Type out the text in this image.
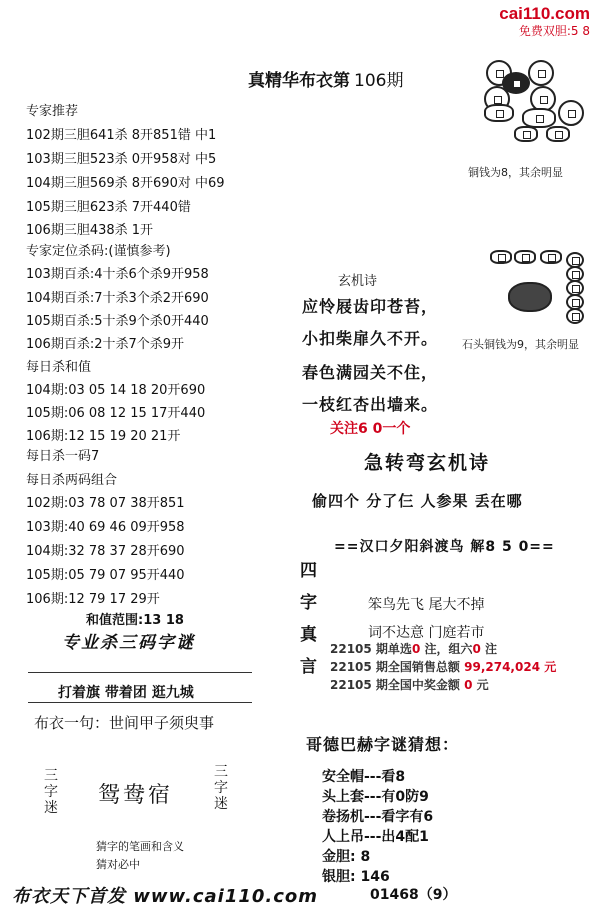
cai110.com
免费双胆:5 8
真精华布衣第 106期
专家推荐
102期三胆641杀 8开851错 中1
103期三胆523杀 0开958对 中5
104期三胆569杀 8开690对 中69
105期三胆623杀 7开440错
106期三胆438杀 1开
专家定位杀码:(谨慎参考)
103期百杀:4十杀6个杀9开958
104期百杀:7十杀3个杀2开690
105期百杀:5十杀9个杀0开440
106期百杀:2十杀7个杀9开
每日杀和值
104期:03 05 14 18 20开690
105期:06 08 12 15 17开440
106期:12 15 19 20 21开
每日杀一码7
每日杀两码组合
102期:03 78 07 38开851
103期:40 69 46 09开958
104期:32 78 37 28开690
105期:05 79 07 95开440
106期:12 79 17 29开
和值范围:13 18
专业杀三码字谜
打着旗 带着团 逛九城
布衣一句：世间甲子须臾事
三字迷 鸳鸯宿
三字迷
猜字的笔画和含义
猜对必中
铜钱为8，其余明显
石头铜钱为9，其余明显
玄机诗
应怜屐齿印苍苔，
小扣柴扉久不开。
春色满园关不住，
一枝红杏出墙来。
关注6 0一个
急转弯玄机诗
偷四个 分了仨 人参果 丢在哪
==汉口夕阳斜渡鸟 解8 5 0==
四
字
真
言
笨鸟先飞 尾大不掉
词不达意 门庭若市
22105 期单选0 注，组六0 注
22105 期全国销售总额 99,274,024 元
22105 期全国中奖金额 0 元
哥德巴赫字谜猜想：
安全帽---看8
头上套---有0防9
卷扬机---看字有6
人上吊---出4配1
金胆: 8
银胆: 146
01468（9）
布衣天下首发 www.cai110.com
